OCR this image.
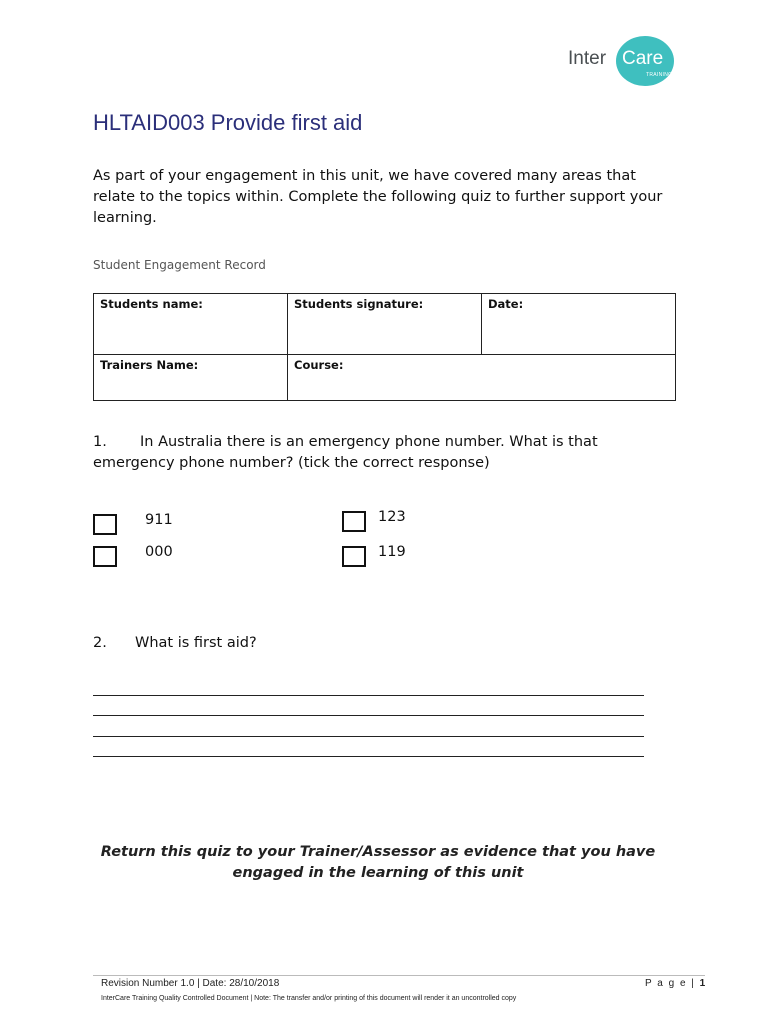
Inter Care
TRAINING
HLTAID003 Provide first aid
As part of your engagement in this unit, we have covered many areas that relate to the topics within. Complete the following quiz to further support your learning.
Student Engagement Record
Students name:	Students signature:	Date:
Trainers Name:	Course:	
1. In Australia there is an emergency phone number. What is that emergency phone number? (tick the correct response)
911	123
000	119
2. What is first aid?
Return this quiz to your Trainer/Assessor as evidence that you have engaged in the learning of this unit
Revision Number 1.0 | Date: 28/10/2018	P a g e | 1
InterCare Training Quality Controlled Document | Note: The transfer and/or printing of this document will render it an uncontrolled copy
